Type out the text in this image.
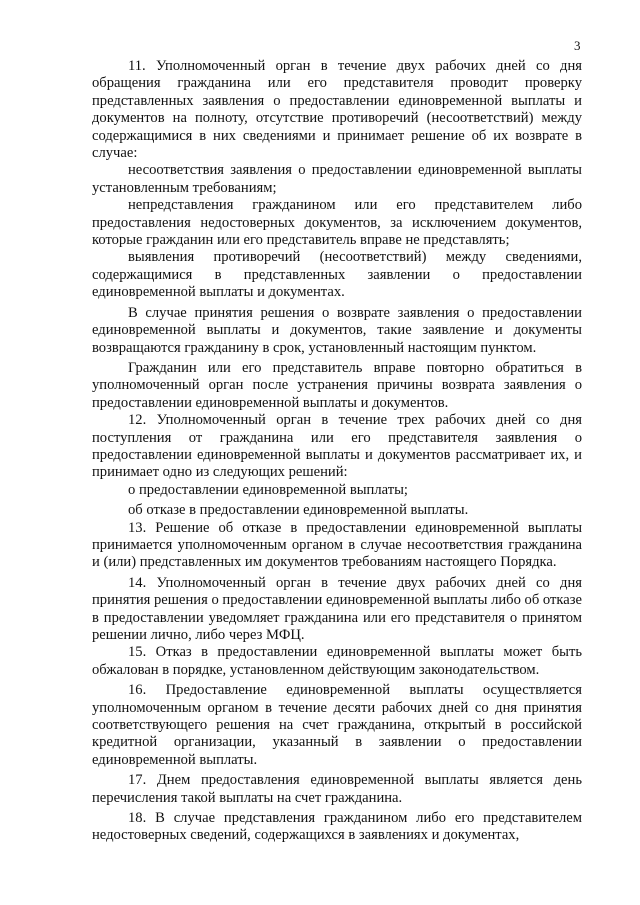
3

11. Уполномоченный орган в течение двух рабочих дней со дня обращения гражданина или его представителя проводит проверку представленных заявления о предоставлении единовременной выплаты и документов на полноту, отсутствие противоречий (несоответствий) между содержащимися в них сведениями и принимает решение об их возврате в случае:

несоответствия заявления о предоставлении единовременной выплаты установленным требованиям;

непредставления гражданином или его представителем либо предоставления недостоверных документов, за исключением документов, которые гражданин или его представитель вправе не представлять;

выявления противоречий (несоответствий) между сведениями, содержащимися в представленных заявлении о предоставлении единовременной выплаты и документах.

В случае принятия решения о возврате заявления о предоставлении единовременной выплаты и документов, такие заявление и документы возвращаются гражданину в срок, установленный настоящим пунктом.

Гражданин или его представитель вправе повторно обратиться в уполномоченный орган после устранения причины возврата заявления о предоставлении единовременной выплаты и документов.

12. Уполномоченный орган в течение трех рабочих дней со дня поступления от гражданина или его представителя заявления о предоставлении единовременной выплаты и документов рассматривает их, и принимает одно из следующих решений:

о предоставлении единовременной выплаты;

об отказе в предоставлении единовременной выплаты.

13. Решение об отказе в предоставлении единовременной выплаты принимается уполномоченным органом в случае несоответствия гражданина и (или) представленных им документов требованиям настоящего Порядка.

14. Уполномоченный орган в течение двух рабочих дней со дня принятия решения о предоставлении единовременной выплаты либо об отказе в предоставлении уведомляет гражданина или его представителя о принятом решении лично, либо через МФЦ.

15. Отказ в предоставлении единовременной выплаты может быть обжалован в порядке, установленном действующим законодательством.

16. Предоставление единовременной выплаты осуществляется уполномоченным органом в течение десяти рабочих дней со дня принятия соответствующего решения на счет гражданина, открытый в российской кредитной организации, указанный в заявлении о предоставлении единовременной выплаты.

17. Днем предоставления единовременной выплаты является день перечисления такой выплаты на счет гражданина.

18. В случае представления гражданином либо его представителем недостоверных сведений, содержащихся в заявлениях и документах,
